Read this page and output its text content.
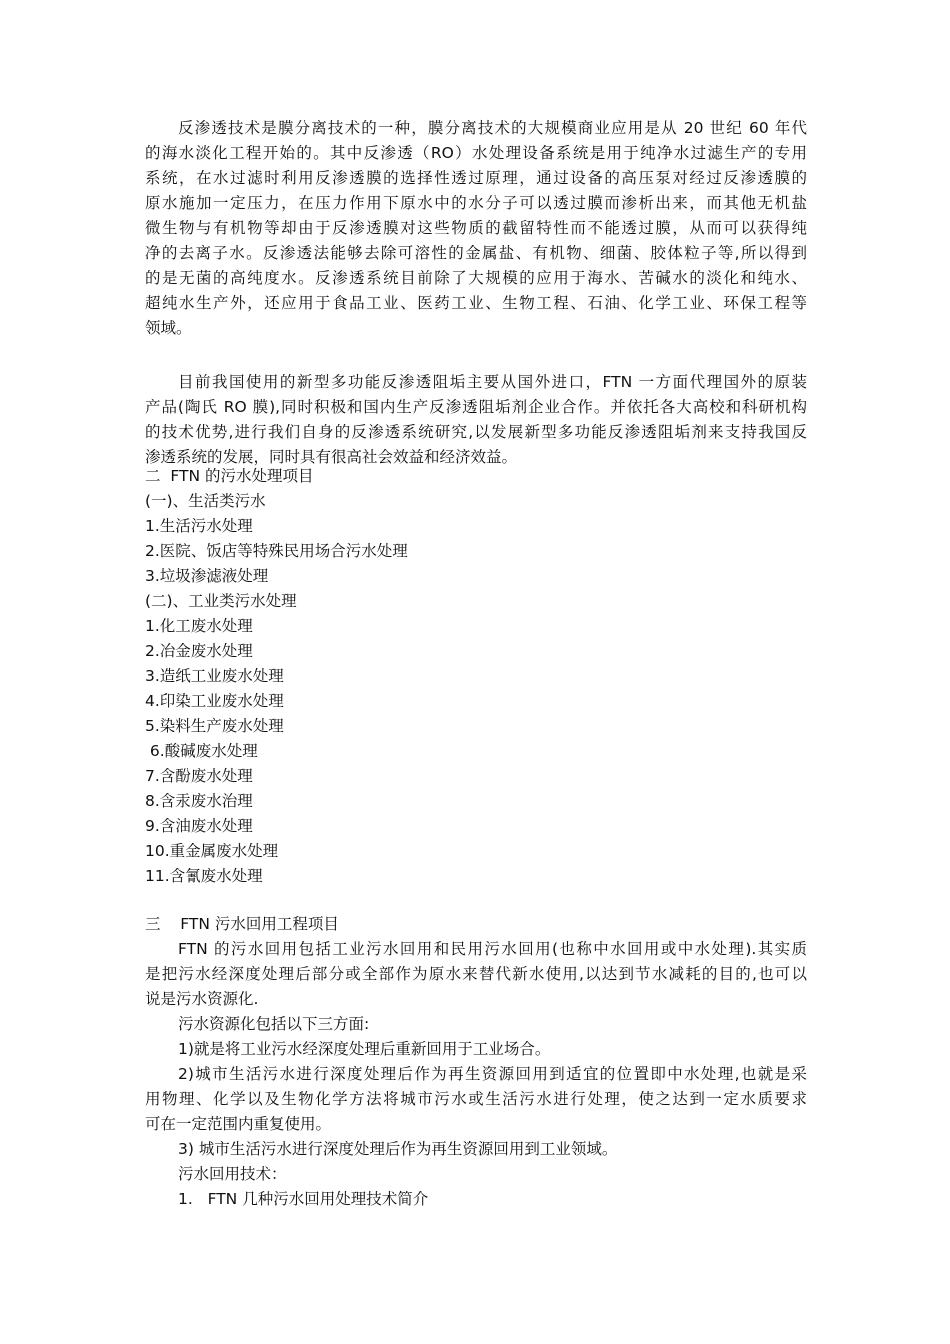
反渗透技术是膜分离技术的一种，膜分离技术的大规模商业应用是从 20 世纪 60 年代
的海水淡化工程开始的。其中反渗透（RO）水处理设备系统是用于纯净水过滤生产的专用
系统，在水过滤时利用反渗透膜的选择性透过原理，通过设备的高压泵对经过反渗透膜的
原水施加一定压力，在压力作用下原水中的水分子可以透过膜而渗析出来，而其他无机盐
微生物与有机物等却由于反渗透膜对这些物质的截留特性而不能透过膜，从而可以获得纯
净的去离子水。反渗透法能够去除可溶性的金属盐、有机物、细菌、胶体粒子等,所以得到
的是无菌的高纯度水。反渗透系统目前除了大规模的应用于海水、苦碱水的淡化和纯水、
超纯水生产外，还应用于食品工业、医药工业、生物工程、石油、化学工业、环保工程等
领域。
目前我国使用的新型多功能反渗透阻垢主要从国外进口，FTN 一方面代理国外的原装
产品(陶氏 RO 膜),同时积极和国内生产反渗透阻垢剂企业合作。并依托各大高校和科研机构
的技术优势,进行我们自身的反渗透系统研究,以发展新型多功能反渗透阻垢剂来支持我国反
渗透系统的发展，同时具有很高社会效益和经济效益。
二  FTN 的污水处理项目
(一)、生活类污水
1.生活污水处理
2.医院、饭店等特殊民用场合污水处理
3.垃圾渗滤液处理
(二)、工业类污水处理
1.化工废水处理
2.冶金废水处理
3.造纸工业废水处理
4.印染工业废水处理
5.染料生产废水处理
6.酸碱废水处理
7.含酚废水处理
8.含汞废水治理
9.含油废水处理
10.重金属废水处理
11.含氰废水处理
三    FTN 污水回用工程项目
FTN 的污水回用包括工业污水回用和民用污水回用(也称中水回用或中水处理).其实质
是把污水经深度处理后部分或全部作为原水来替代新水使用,以达到节水减耗的目的,也可以
说是污水资源化.
污水资源化包括以下三方面:
1)就是将工业污水经深度处理后重新回用于工业场合。
2)城市生活污水进行深度处理后作为再生资源回用到适宜的位置即中水处理,也就是采
用物理、化学以及生物化学方法将城市污水或生活污水进行处理，使之达到一定水质要求
可在一定范围内重复使用。
3) 城市生活污水进行深度处理后作为再生资源回用到工业领域。
污水回用技术：
1.   FTN 几种污水回用处理技术简介
